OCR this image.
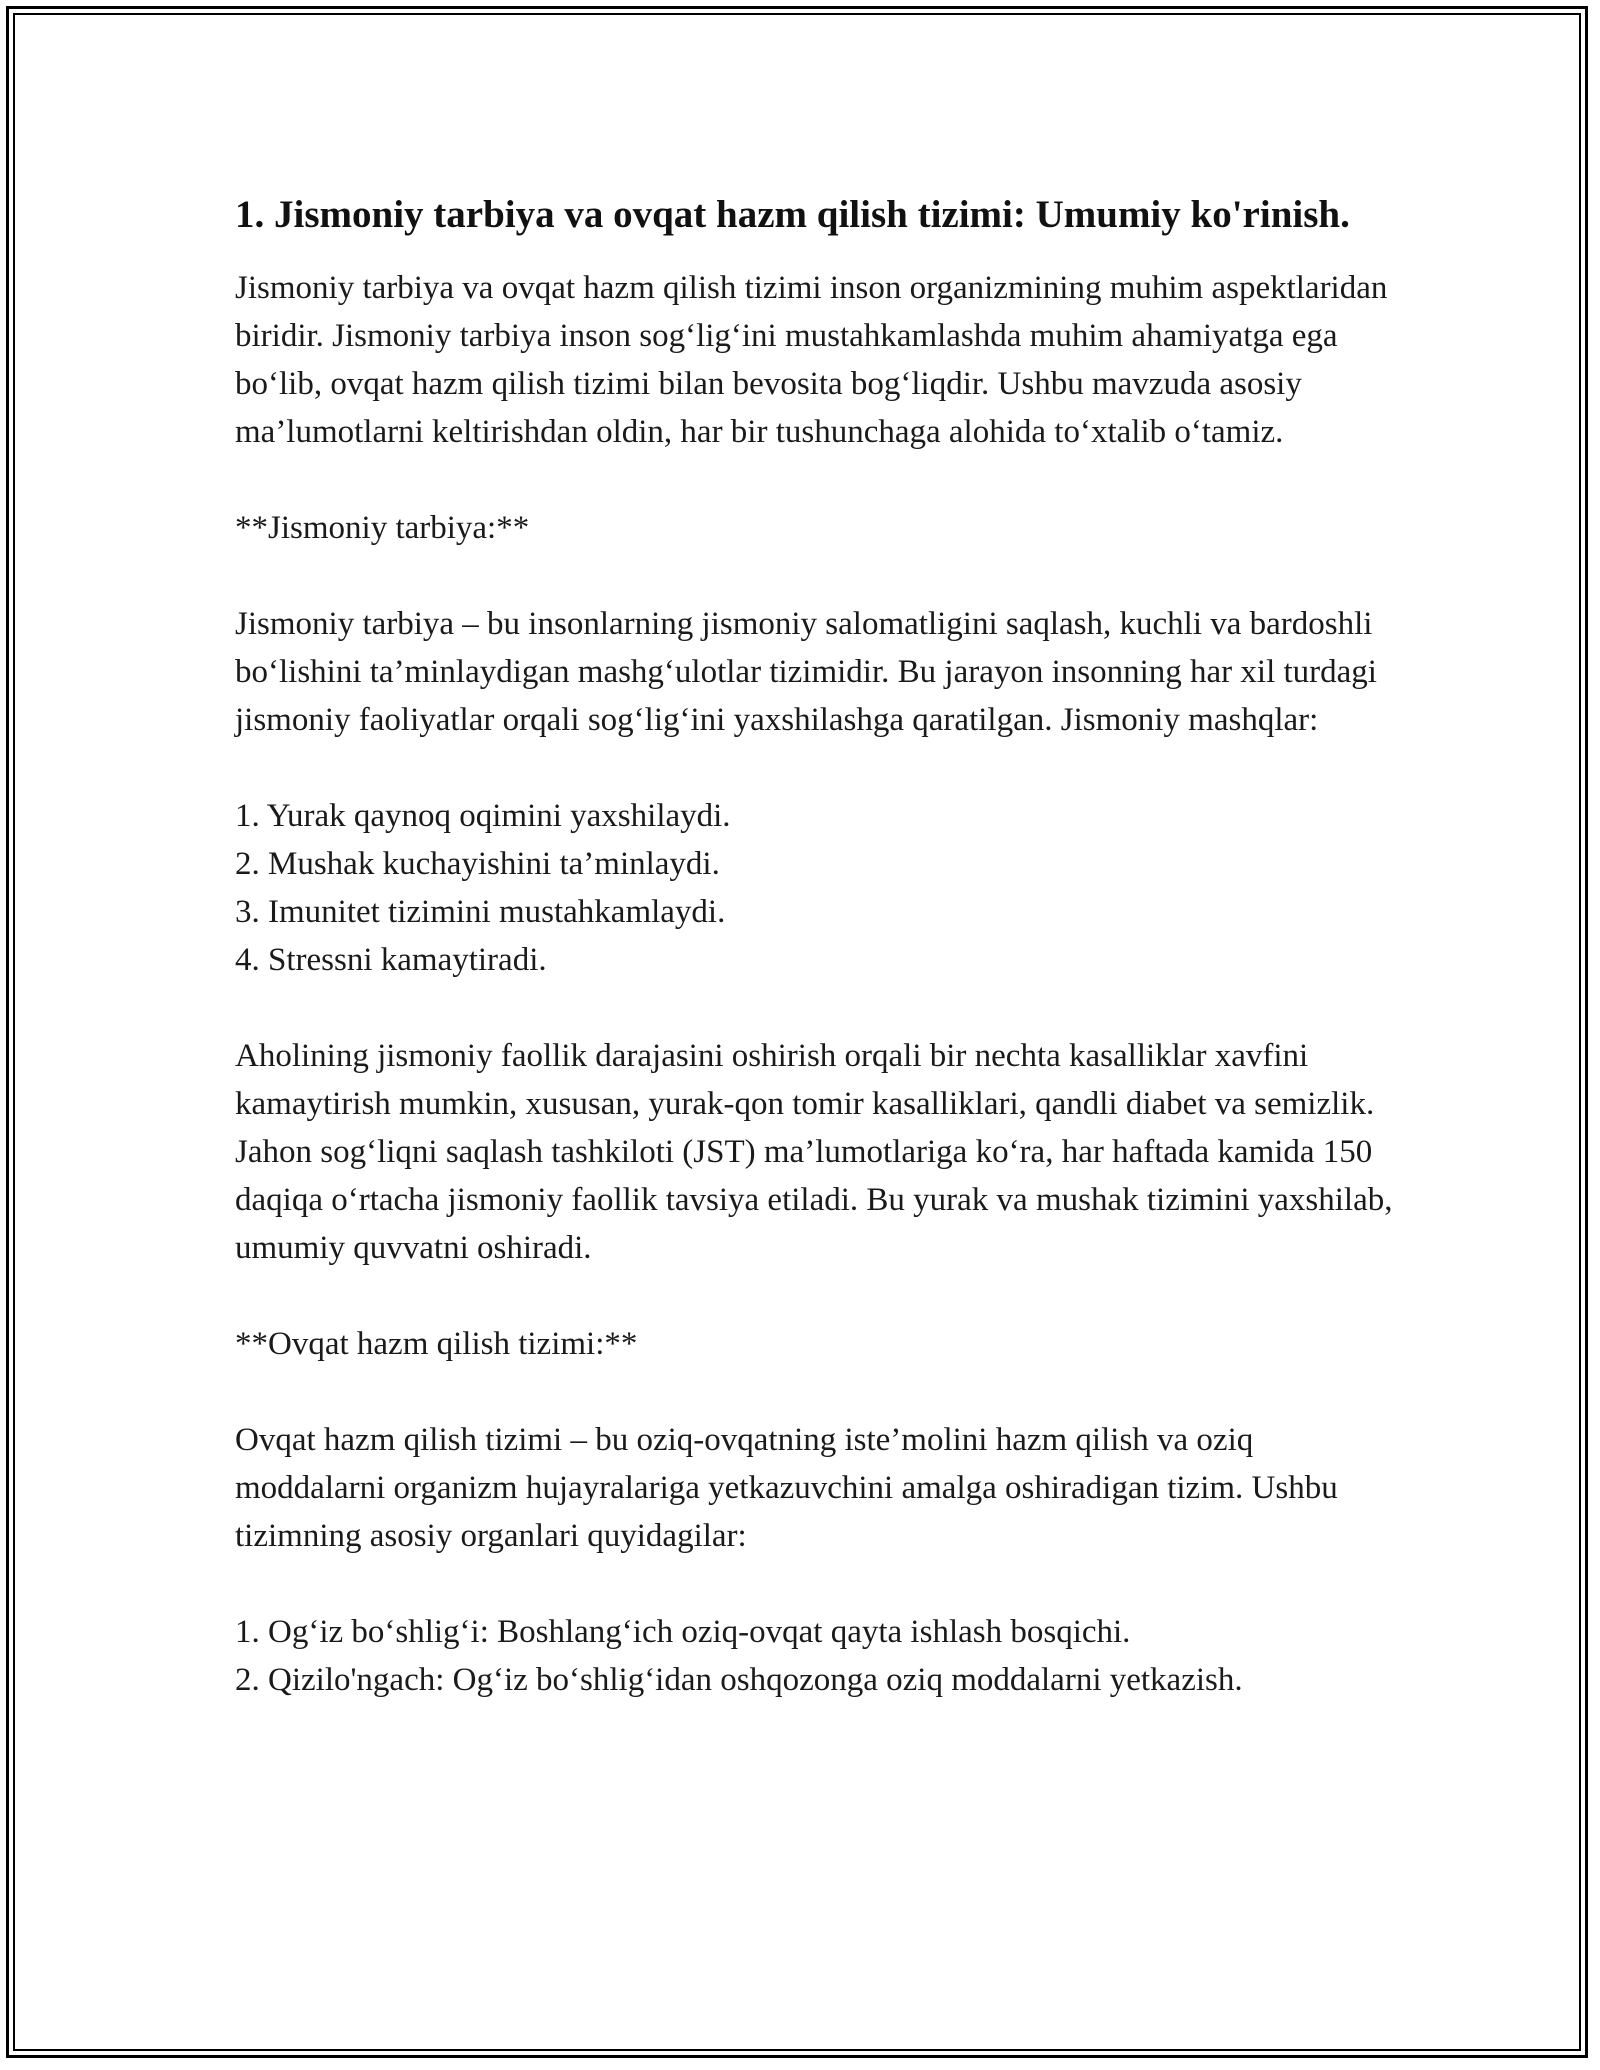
1. Jismoniy tarbiya va ovqat hazm qilish tizimi: Umumiy ko'rinish.

Jismoniy tarbiya va ovqat hazm qilish tizimi inson organizmining muhim aspektlaridan biridir. Jismoniy tarbiya inson sog‘lig‘ini mustahkamlashda muhim ahamiyatga ega bo‘lib, ovqat hazm qilish tizimi bilan bevosita bog‘liqdir. Ushbu mavzuda asosiy ma’lumotlarni keltirishdan oldin, har bir tushunchaga alohida to‘xtalib o‘tamiz.

**Jismoniy tarbiya:**

Jismoniy tarbiya – bu insonlarning jismoniy salomatligini saqlash, kuchli va bardoshli bo‘lishini ta’minlaydigan mashg‘ulotlar tizimidir. Bu jarayon insonning har xil turdagi jismoniy faoliyatlar orqali sog‘lig‘ini yaxshilashga qaratilgan. Jismoniy mashqlar:

1. Yurak qaynoq oqimini yaxshilaydi.

2. Mushak kuchayishini ta’minlaydi.

3. Imunitet tizimini mustahkamlaydi.

4. Stressni kamaytiradi.

Aholining jismoniy faollik darajasini oshirish orqali bir nechta kasalliklar xavfini kamaytirish mumkin, xususan, yurak-qon tomir kasalliklari, qandli diabet va semizlik. Jahon sog‘liqni saqlash tashkiloti (JST) ma’lumotlariga ko‘ra, har haftada kamida 150 daqiqa o‘rtacha jismoniy faollik tavsiya etiladi. Bu yurak va mushak tizimini yaxshilab, umumiy quvvatni oshiradi.

**Ovqat hazm qilish tizimi:**

Ovqat hazm qilish tizimi – bu oziq-ovqatning iste’molini hazm qilish va oziq moddalarni organizm hujayralariga yetkazuvchini amalga oshiradigan tizim. Ushbu tizimning asosiy organlari quyidagilar:

1. Og‘iz bo‘shlig‘i: Boshlang‘ich oziq-ovqat qayta ishlash bosqichi.

2. Qizilo'ngach: Og‘iz bo‘shlig‘idan oshqozonga oziq moddalarni yetkazish.
